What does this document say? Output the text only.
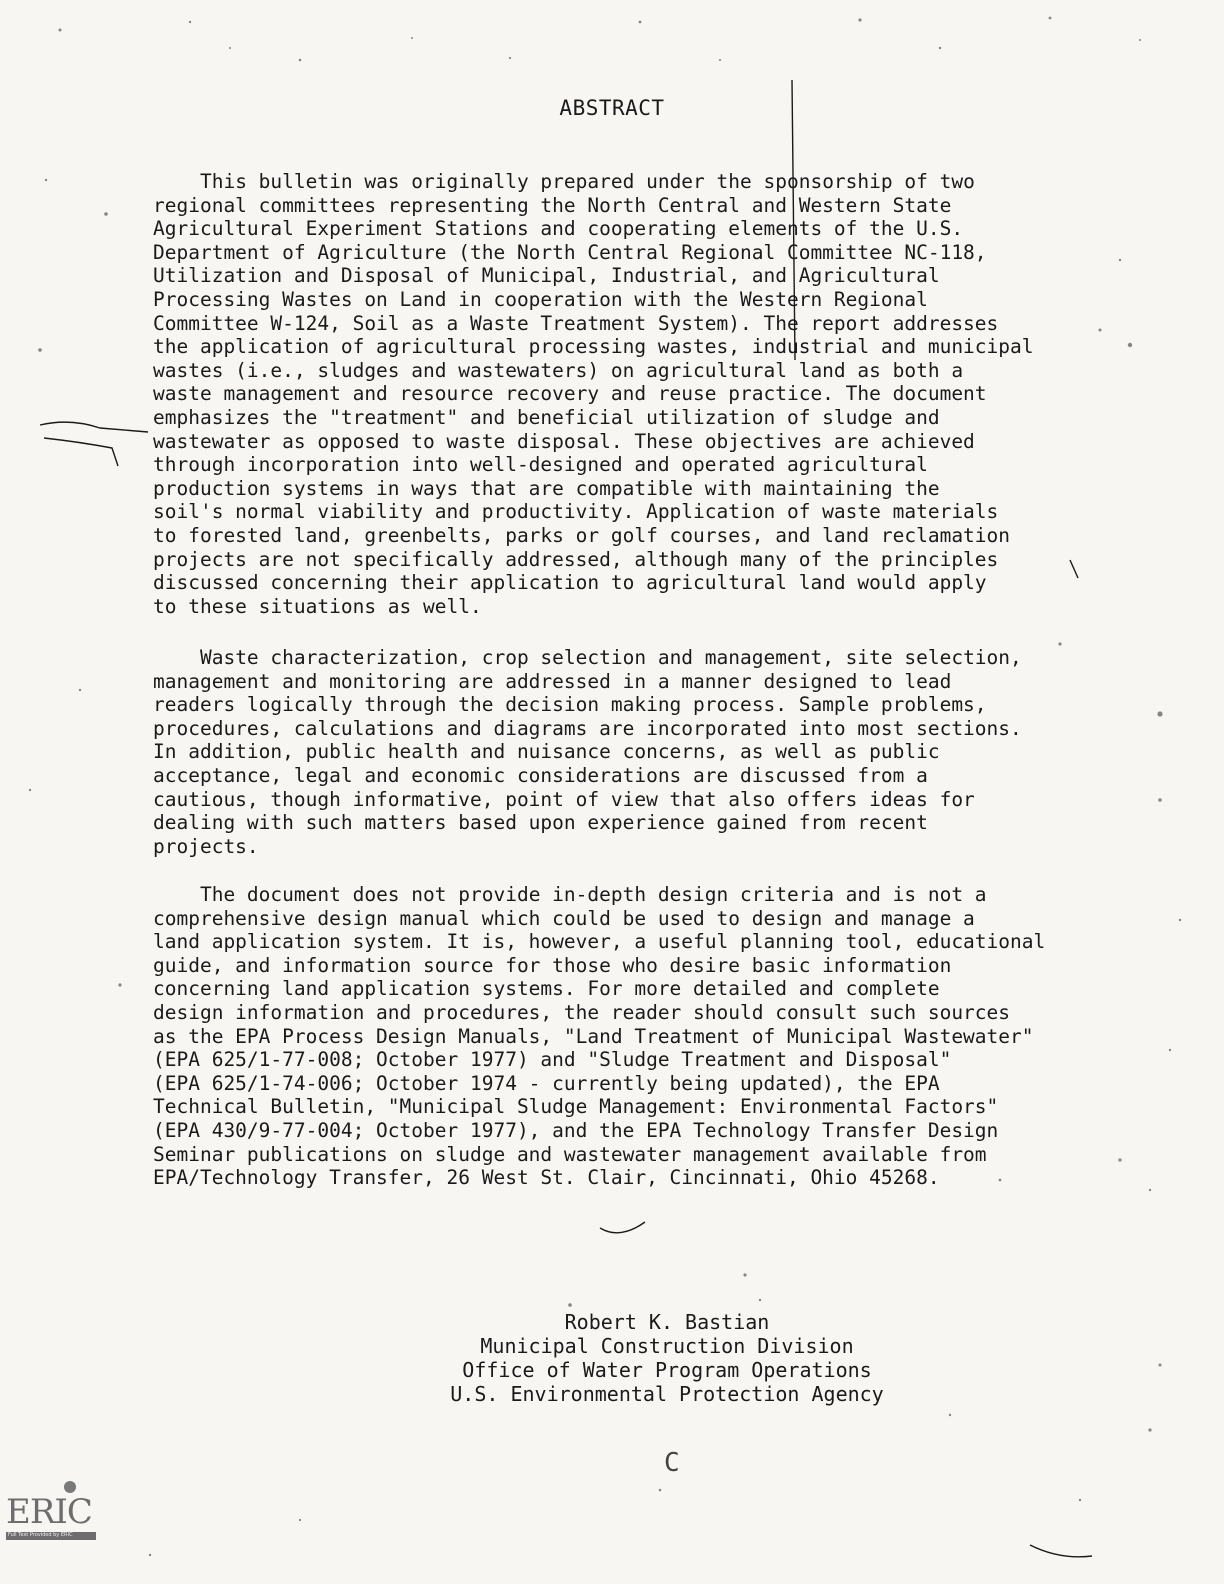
ABSTRACT

This bulletin was originally prepared under the sponsorship of two
regional committees representing the North Central and Western State
Agricultural Experiment Stations and cooperating elements of the U.S.
Department of Agriculture (the North Central Regional Committee NC-118,
Utilization and Disposal of Municipal, Industrial, and Agricultural
Processing Wastes on Land in cooperation with the Western Regional
Committee W-124, Soil as a Waste Treatment System). The report addresses
the application of agricultural processing wastes, industrial and municipal
wastes (i.e., sludges and wastewaters) on agricultural land as both a
waste management and resource recovery and reuse practice. The document
emphasizes the "treatment" and beneficial utilization of sludge and
wastewater as opposed to waste disposal. These objectives are achieved
through incorporation into well-designed and operated agricultural
production systems in ways that are compatible with maintaining the
soil's normal viability and productivity. Application of waste materials
to forested land, greenbelts, parks or golf courses, and land reclamation
projects are not specifically addressed, although many of the principles
discussed concerning their application to agricultural land would apply
to these situations as well.

Waste characterization, crop selection and management, site selection,
management and monitoring are addressed in a manner designed to lead
readers logically through the decision making process. Sample problems,
procedures, calculations and diagrams are incorporated into most sections.
In addition, public health and nuisance concerns, as well as public
acceptance, legal and economic considerations are discussed from a
cautious, though informative, point of view that also offers ideas for
dealing with such matters based upon experience gained from recent
projects.

The document does not provide in-depth design criteria and is not a
comprehensive design manual which could be used to design and manage a
land application system. It is, however, a useful planning tool, educational
guide, and information source for those who desire basic information
concerning land application systems. For more detailed and complete
design information and procedures, the reader should consult such sources
as the EPA Process Design Manuals, "Land Treatment of Municipal Wastewater"
(EPA 625/1-77-008; October 1977) and "Sludge Treatment and Disposal"
(EPA 625/1-74-006; October 1974 - currently being updated), the EPA
Technical Bulletin, "Municipal Sludge Management: Environmental Factors"
(EPA 430/9-77-004; October 1977), and the EPA Technology Transfer Design
Seminar publications on sludge and wastewater management available from
EPA/Technology Transfer, 26 West St. Clair, Cincinnati, Ohio 45268.

Robert K. Bastian
Municipal Construction Division
Office of Water Program Operations
U.S. Environmental Protection Agency
C
ERIC
Full Text Provided by ERIC
